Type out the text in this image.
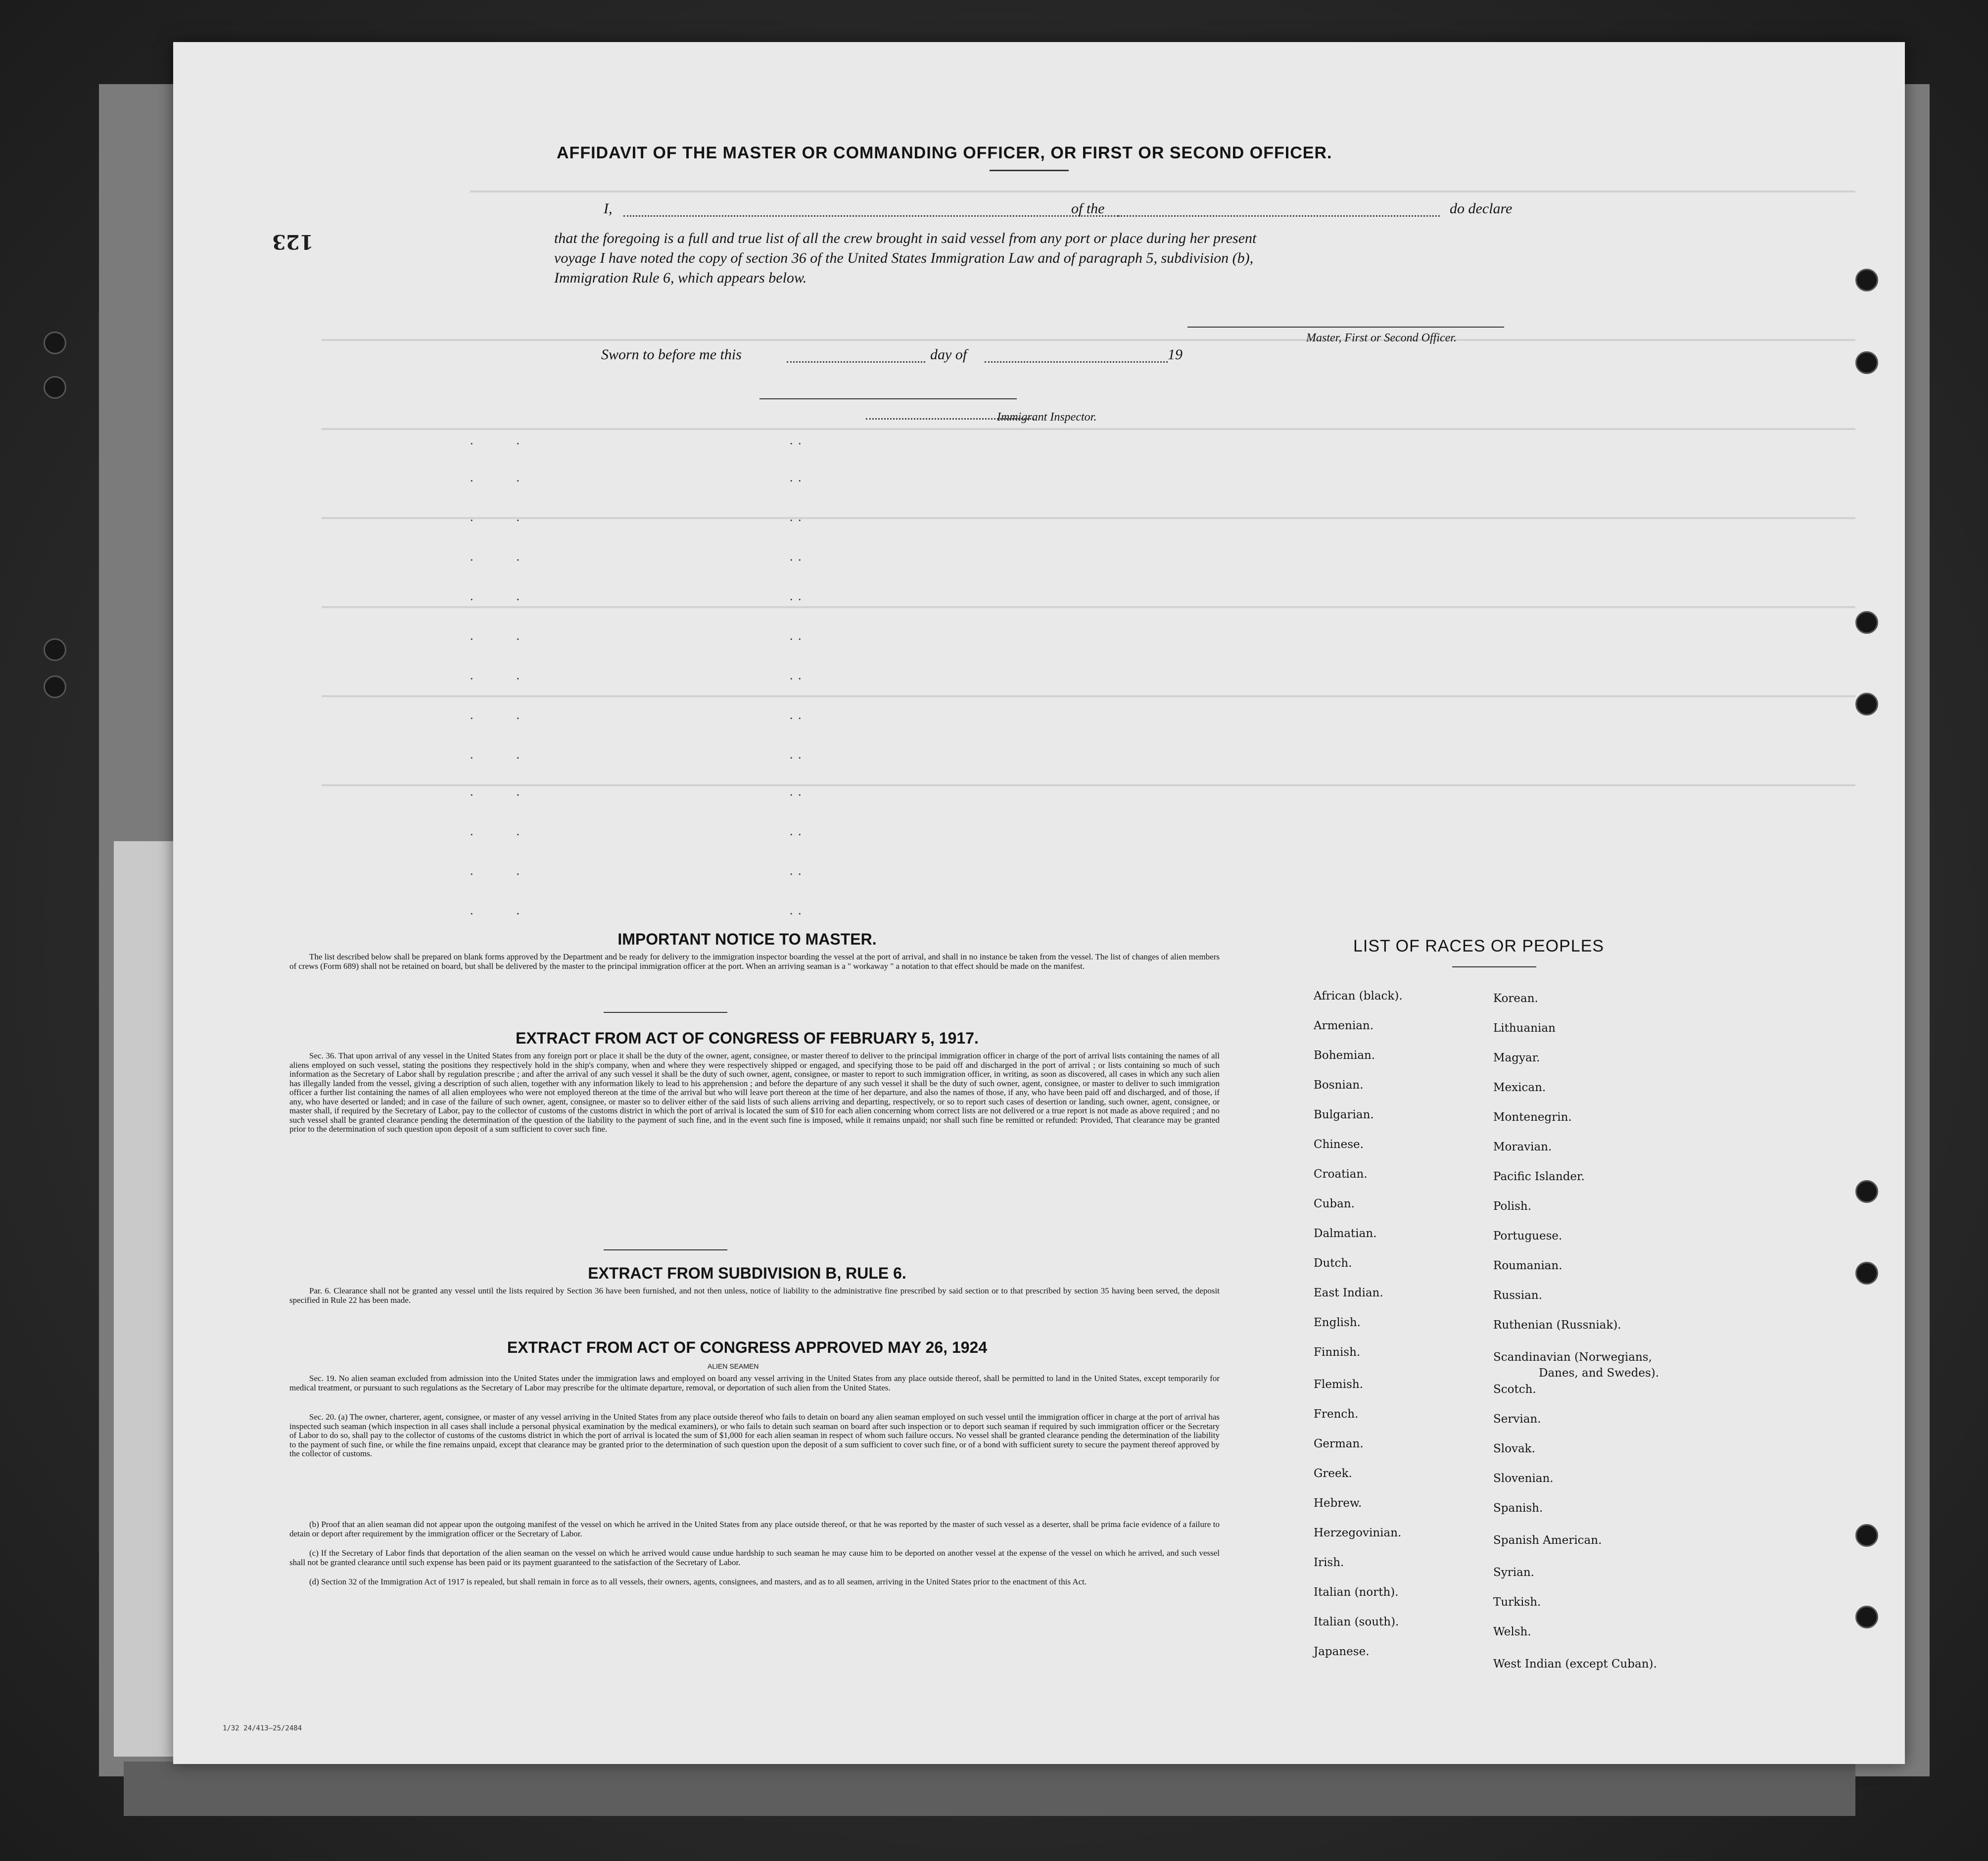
123
AFFIDAVIT OF THE MASTER OR COMMANDING OFFICER, OR FIRST OR SECOND OFFICER.
I,	of the	do declare
that the foregoing is a full and true list of all the crew brought in said vessel from any port or place during her present
voyage I have noted the copy of section 36 of the United States Immigration Law and of paragraph 5, subdivision (b),
Immigration Rule 6, which appears below.
Master, First or Second Officer.
Sworn to before me this	day of	19
Immigrant Inspector.
.          .                                                                . .
.          .                                                                . .
.          .                                                                . .
.          .                                                                . .
.          .                                                                . .
.          .                                                                . .
.          .                                                                . .
.          .                                                                . .
.          .                                                                . .
.          .                                                                . .
.          .                                                                . .
.          .                                                                . .
.          .                                                                . .
IMPORTANT NOTICE TO MASTER.
The list described below shall be prepared on blank forms approved by the Department and be ready for delivery to the immigration inspector boarding the vessel at the port of arrival, and shall in no instance be taken from the vessel. The list of changes of alien members of crews (Form 689) shall not be retained on board, but shall be delivered by the master to the principal immigration officer at the port. When an arriving seaman is a " workaway " a notation to that effect should be made on the manifest.
EXTRACT FROM ACT OF CONGRESS OF FEBRUARY 5, 1917.
Sec. 36. That upon arrival of any vessel in the United States from any foreign port or place it shall be the duty of the owner, agent, consignee, or master thereof to deliver to the principal immigration officer in charge of the port of arrival lists containing the names of all aliens employed on such vessel, stating the positions they respectively hold in the ship's company, when and where they were respectively shipped or engaged, and specifying those to be paid off and discharged in the port of arrival ; or lists containing so much of such information as the Secretary of Labor shall by regulation prescribe ; and after the arrival of any such vessel it shall be the duty of such owner, agent, consignee, or master to report to such immigration officer, in writing, as soon as discovered, all cases in which any such alien has illegally landed from the vessel, giving a description of such alien, together with any information likely to lead to his apprehension ; and before the departure of any such vessel it shall be the duty of such owner, agent, consignee, or master to deliver to such immigration officer a further list containing the names of all alien employees who were not employed thereon at the time of the arrival but who will leave port thereon at the time of her departure, and also the names of those, if any, who have been paid off and discharged, and of those, if any, who have deserted or landed; and in case of the failure of such owner, agent, consignee, or master so to deliver either of the said lists of such aliens arriving and departing, respectively, or so to report such cases of desertion or landing, such owner, agent, consignee, or master shall, if required by the Secretary of Labor, pay to the collector of customs of the customs district in which the port of arrival is located the sum of $10 for each alien concerning whom correct lists are not delivered or a true report is not made as above required ; and no such vessel shall be granted clearance pending the determination of the question of the liability to the payment of such fine, and in the event such fine is imposed, while it remains unpaid; nor shall such fine be remitted or refunded: Provided, That clearance may be granted prior to the determination of such question upon deposit of a sum sufficient to cover such fine.
EXTRACT FROM SUBDIVISION B, RULE 6.
Par. 6. Clearance shall not be granted any vessel until the lists required by Section 36 have been furnished, and not then unless, notice of liability to the administrative fine prescribed by said section or to that prescribed by section 35 having been served, the deposit specified in Rule 22 has been made.
EXTRACT FROM ACT OF CONGRESS APPROVED MAY 26, 1924
ALIEN SEAMEN
Sec. 19. No alien seaman excluded from admission into the United States under the immigration laws and employed on board any vessel arriving in the United States from any place outside thereof, shall be permitted to land in the United States, except temporarily for medical treatment, or pursuant to such regulations as the Secretary of Labor may prescribe for the ultimate departure, removal, or deportation of such alien from the United States.
Sec. 20. (a) The owner, charterer, agent, consignee, or master of any vessel arriving in the United States from any place outside thereof who fails to detain on board any alien seaman employed on such vessel until the immigration officer in charge at the port of arrival has inspected such seaman (which inspection in all cases shall include a personal physical examination by the medical examiners), or who fails to detain such seaman on board after such inspection or to deport such seaman if required by such immigration officer or the Secretary of Labor to do so, shall pay to the collector of customs of the customs district in which the port of arrival is located the sum of $1,000 for each alien seaman in respect of whom such failure occurs. No vessel shall be granted clearance pending the determination of the liability to the payment of such fine, or while the fine remains unpaid, except that clearance may be granted prior to the determination of such question upon the deposit of a sum sufficient to cover such fine, or of a bond with sufficient surety to secure the payment thereof approved by the collector of customs.
(b) Proof that an alien seaman did not appear upon the outgoing manifest of the vessel on which he arrived in the United States from any place outside thereof, or that he was reported by the master of such vessel as a deserter, shall be prima facie evidence of a failure to detain or deport after requirement by the immigration officer or the Secretary of Labor.
(c) If the Secretary of Labor finds that deportation of the alien seaman on the vessel on which he arrived would cause undue hardship to such seaman he may cause him to be deported on another vessel at the expense of the vessel on which he arrived, and such vessel shall not be granted clearance until such expense has been paid or its payment guaranteed to the satisfaction of the Secretary of Labor.
(d) Section 32 of the Immigration Act of 1917 is repealed, but shall remain in force as to all vessels, their owners, agents, consignees, and masters, and as to all seamen, arriving in the United States prior to the enactment of this Act.
LIST OF RACES OR PEOPLES
African (black).
Armenian.
Bohemian.
Bosnian.
Bulgarian.
Chinese.
Croatian.
Cuban.
Dalmatian.
Dutch.
East Indian.
English.
Finnish.
Flemish.
French.
German.
Greek.
Hebrew.
Herzegovinian.
Irish.
Italian (north).
Italian (south).
Japanese.
Korean.
Lithuanian
Magyar.
Mexican.
Montenegrin.
Moravian.
Pacific Islander.
Polish.
Portuguese.
Roumanian.
Russian.
Ruthenian (Russniak).
Scandinavian (Norwegians,
Danes, and Swedes).
Scotch.
Servian.
Slovak.
Slovenian.
Spanish.
Spanish American.
Syrian.
Turkish.
Welsh.
West Indian (except Cuban).
1/32 24/413—25/2484
